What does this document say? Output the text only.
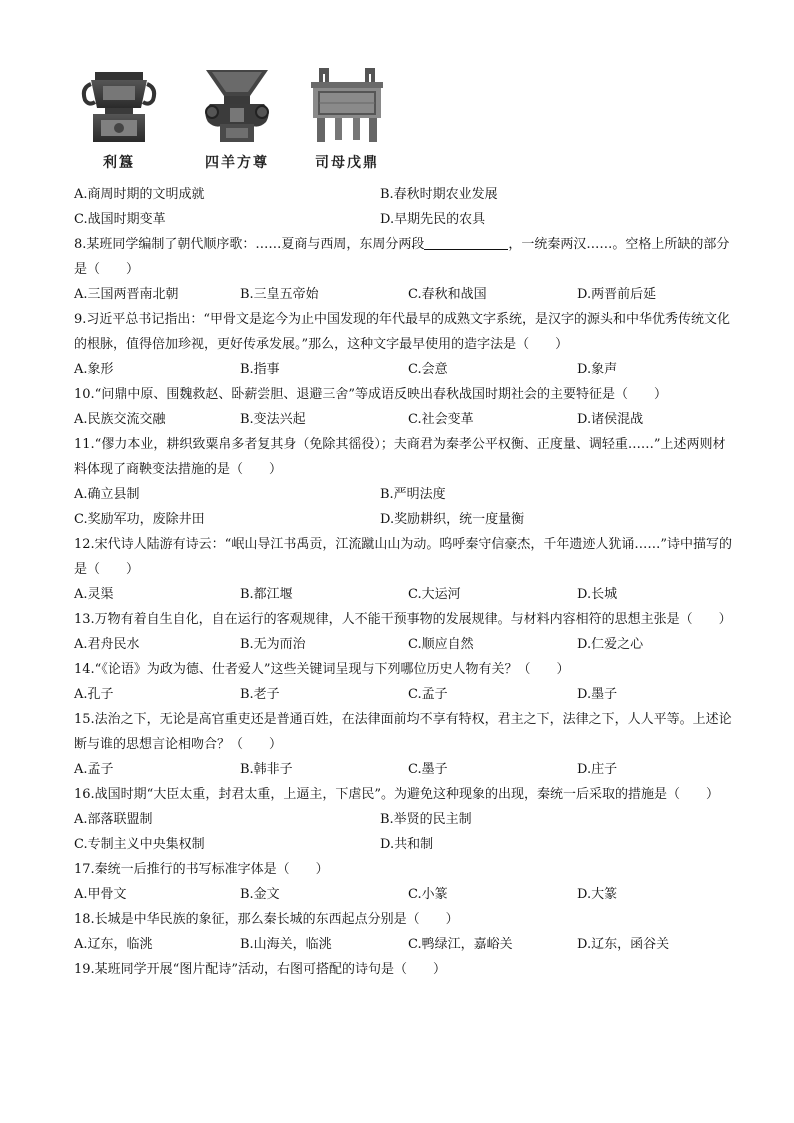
利簋	四羊方尊	司母戊鼎
A.商周时期的文明成就	B.春秋时期农业发展
C.战国时期变革	D.早期先民的农具

8.某班同学编制了朝代顺序歌：……夏商与西周，东周分两段	，一统秦两汉……。空格上所缺的部分是（　　）

A.三国两晋南北朝	B.三皇五帝始	C.春秋和战国	D.两晋前后延

9.习近平总书记指出：“甲骨文是迄今为止中国发现的年代最早的成熟文字系统，是汉字的源头和中华优秀传统文化的根脉，值得倍加珍视，更好传承发展。”那么，这种文字最早使用的造字法是（　　）

A.象形	B.指事	C.会意	D.象声

10.“问鼎中原、围魏救赵、卧薪尝胆、退避三舍”等成语反映出春秋战国时期社会的主要特征是（　　）

A.民族交流交融	B.变法兴起	C.社会变革	D.诸侯混战

11.“僇力本业，耕织致粟帛多者复其身（免除其徭役）；夫商君为秦孝公平权衡、正度量、调轻重……”上述两则材料体现了商鞅变法措施的是（　　）

A.确立县制	B.严明法度
C.奖励军功，废除井田	D.奖励耕织，统一度量衡

12.宋代诗人陆游有诗云：“岷山导江书禹贡，江流蹴山山为动。呜呼秦守信豪杰，千年遗迹人犹诵……”诗中描写的是（　　）

A.灵渠	B.都江堰	C.大运河	D.长城

13.万物有着自生自化，自在运行的客观规律，人不能干预事物的发展规律。与材料内容相符的思想主张是（　　）

A.君舟民水	B.无为而治	C.顺应自然	D.仁爱之心

14.“《论语》为政为德、仕者爱人”这些关键词呈现与下列哪位历史人物有关？（　　）

A.孔子	B.老子	C.孟子	D.墨子

15.法治之下，无论是高官重吏还是普通百姓，在法律面前均不享有特权，君主之下，法律之下，人人平等。上述论断与谁的思想言论相吻合？（　　）

A.孟子	B.韩非子	C.墨子	D.庄子

16.战国时期“大臣太重，封君太重，上逼主，下虐民”。为避免这种现象的出现，秦统一后采取的措施是（　　）

A.部落联盟制	B.举贤的民主制
C.专制主义中央集权制	D.共和制

17.秦统一后推行的书写标准字体是（　　）

A.甲骨文	B.金文	C.小篆	D.大篆

18.长城是中华民族的象征，那么秦长城的东西起点分别是（　　）

A.辽东，临洮	B.山海关，临洮	C.鸭绿江，嘉峪关	D.辽东，函谷关

19.某班同学开展“图片配诗”活动，右图可搭配的诗句是（　　）
